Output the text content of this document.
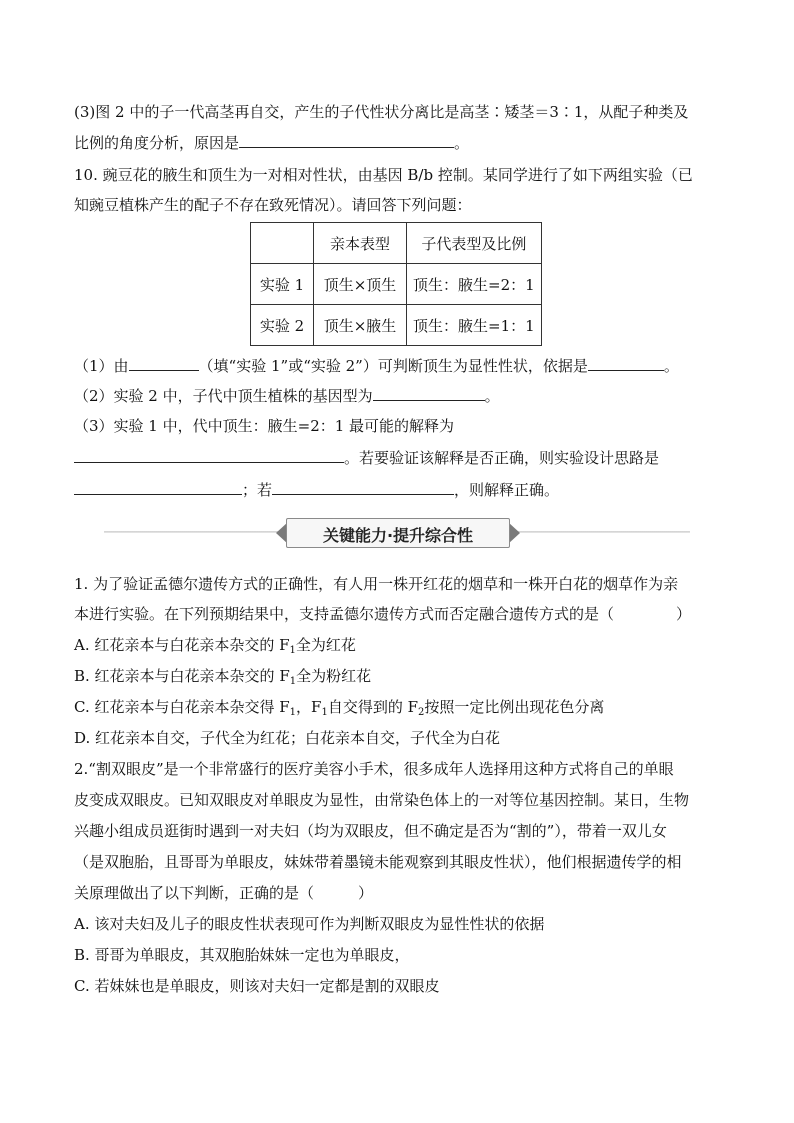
(3)图 2 中的子一代高茎再自交，产生的子代性状分离比是高茎∶矮茎＝3∶1，从配子种类及
比例的角度分析，原因是	。
10. 豌豆花的腋生和顶生为一对相对性状，由基因 B/b 控制。某同学进行了如下两组实验（已
知豌豆植株产生的配子不存在致死情况）。请回答下列问题：
	亲本表型	子代表型及比例
实验 1	顶生×顶生	顶生：腋生=2：1
实验 2	顶生×腋生	顶生：腋生=1：1
（1）由	（填“实验 1”或“实验 2”）可判断顶生为显性性状，依据是	。
（2）实验 2 中，子代中顶生植株的基因型为	。
（3）实验 1 中，代中顶生：腋生=2：1 最可能的解释为
。若要验证该解释是否正确，则实验设计思路是
；若	，则解释正确。
关键能力·提升综合性
1. 为了验证孟德尔遗传方式的正确性，有人用一株开红花的烟草和一株开白花的烟草作为亲
本进行实验。在下列预期结果中，支持孟德尔遗传方式而否定融合遗传方式的是（	）
A. 红花亲本与白花亲本杂交的 $F_1$全为红花
B. 红花亲本与白花亲本杂交的 $F_1$全为粉红花
C. 红花亲本与白花亲本杂交得 $F_1$，$F_1$自交得到的 $F_2$按照一定比例出现花色分离
D. 红花亲本自交，子代全为红花；白花亲本自交，子代全为白花
2.“割双眼皮”是一个非常盛行的医疗美容小手术，很多成年人选择用这种方式将自己的单眼
皮变成双眼皮。已知双眼皮对单眼皮为显性，由常染色体上的一对等位基因控制。某日，生物
兴趣小组成员逛街时遇到一对夫妇（均为双眼皮，但不确定是否为“割的”），带着一双儿女
（是双胞胎，且哥哥为单眼皮，妹妹带着墨镜未能观察到其眼皮性状），他们根据遗传学的相
关原理做出了以下判断，正确的是（	）
A. 该对夫妇及儿子的眼皮性状表现可作为判断双眼皮为显性性状的依据
B. 哥哥为单眼皮，其双胞胎妹妹一定也为单眼皮，
C. 若妹妹也是单眼皮，则该对夫妇一定都是割的双眼皮
